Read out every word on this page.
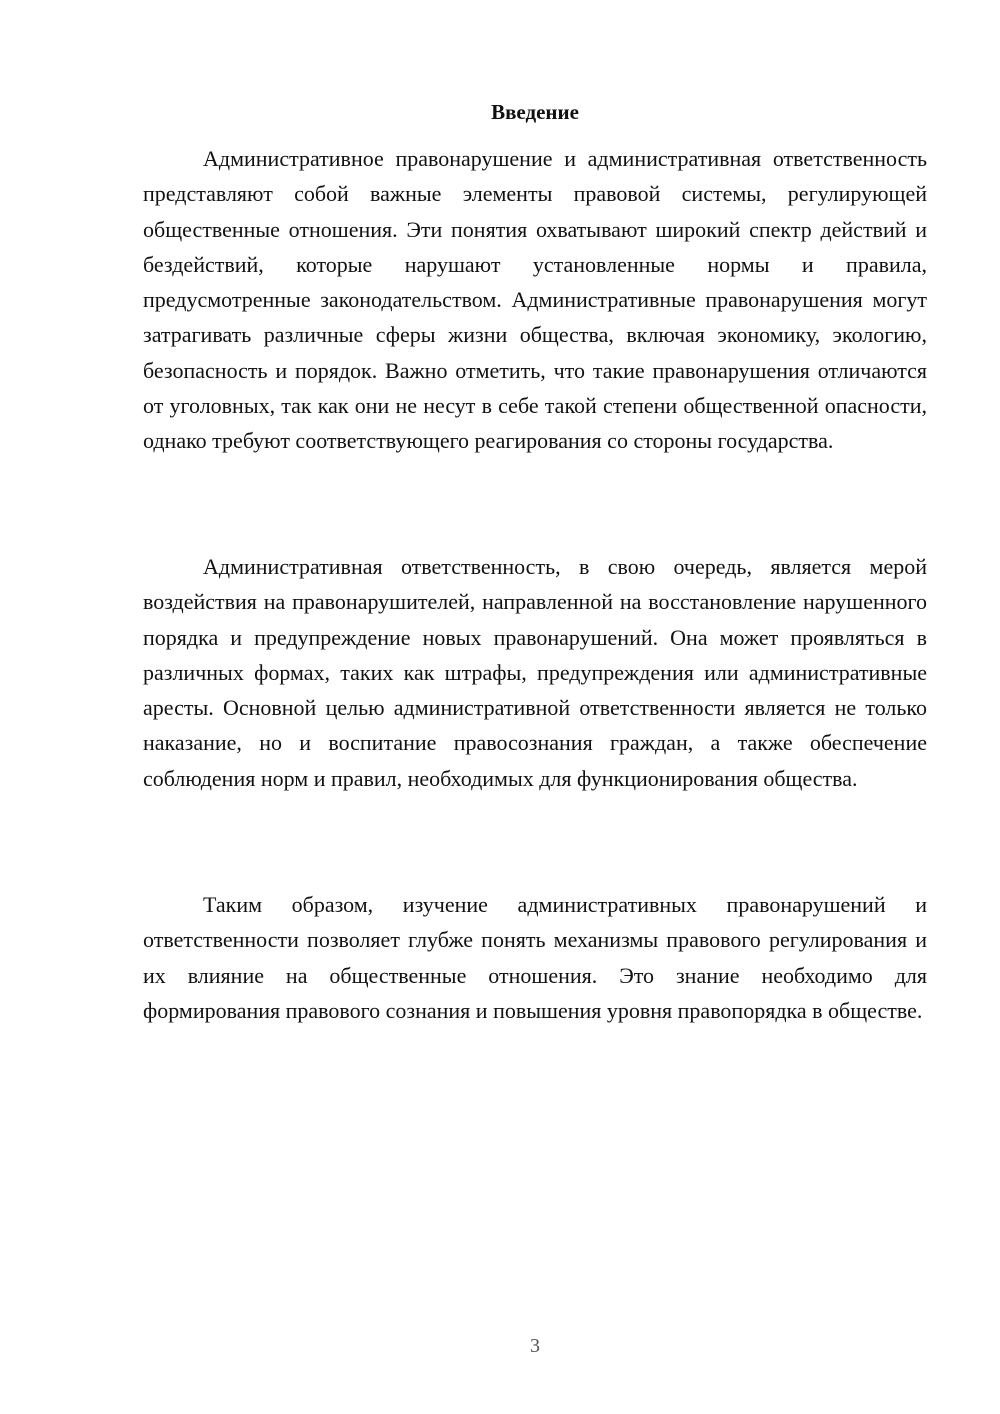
Введение

Административное правонарушение и административная ответственность представляют собой важные элементы правовой системы, регулирующей общественные отношения. Эти понятия охватывают широкий спектр действий и бездействий, которые нарушают установленные нормы и правила, предусмотренные законодательством. Административные правонарушения могут затрагивать различные сферы жизни общества, включая экономику, экологию, безопасность и порядок. Важно отметить, что такие правонарушения отличаются от уголовных, так как они не несут в себе такой степени общественной опасности, однако требуют соответствующего реагирования со стороны государства.

Административная ответственность, в свою очередь, является мерой воздействия на правонарушителей, направленной на восстановление нарушенного порядка и предупреждение новых правонарушений. Она может проявляться в различных формах, таких как штрафы, предупреждения или административные аресты. Основной целью административной ответственности является не только наказание, но и воспитание правосознания граждан, а также обеспечение соблюдения норм и правил, необходимых для функционирования общества.

Таким образом, изучение административных правонарушений и ответственности позволяет глубже понять механизмы правового регулирования и их влияние на общественные отношения. Это знание необходимо для формирования правового сознания и повышения уровня правопорядка в обществе.

3
